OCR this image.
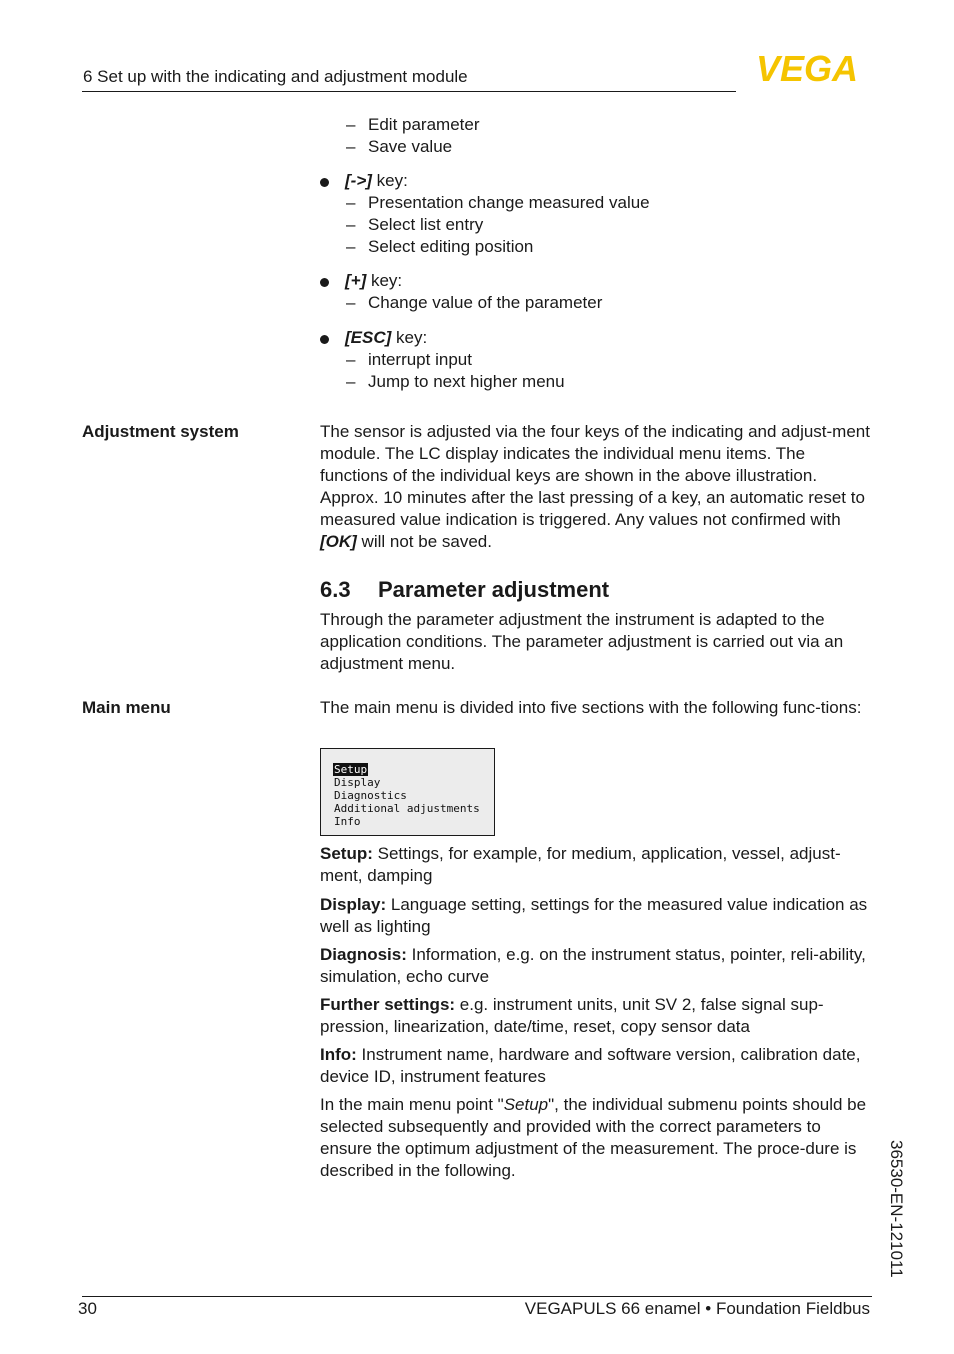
6 Set up with the indicating and adjustment module	VEGA
– Edit parameter
– Save value
[->] key:
– Presentation change measured value
– Select list entry
– Select editing position
[+] key:
– Change value of the parameter
[ESC] key:
– interrupt input
– Jump to next higher menu
Adjustment system	The sensor is adjusted via the four keys of the indicating and adjust-ment module. The LC display indicates the individual menu items. The functions of the individual keys are shown in the above illustration. Approx. 10 minutes after the last pressing of a key, an automatic reset to measured value indication is triggered. Any values not confirmed with [OK] will not be saved.

6.3 Parameter adjustment
Through the parameter adjustment the instrument is adapted to the application conditions. The parameter adjustment is carried out via an adjustment menu.
Main menu	The main menu is divided into five sections with the following func-tions:
Setup
Display
Diagnostics
Additional adjustments
Info
Setup: Settings, for example, for medium, application, vessel, adjust-ment, damping
Display: Language setting, settings for the measured value indication as well as lighting
Diagnosis: Information, e.g. on the instrument status, pointer, reli-ability, simulation, echo curve
Further settings: e.g. instrument units, unit SV 2, false signal sup-pression, linearization, date/time, reset, copy sensor data
Info: Instrument name, hardware and software version, calibration date, device ID, instrument features
In the main menu point "Setup", the individual submenu points should be selected subsequently and provided with the correct parameters to ensure the optimum adjustment of the measurement. The proce-dure is described in the following.	36530-EN-121011
30	VEGAPULS 66 enamel • Foundation Fieldbus
